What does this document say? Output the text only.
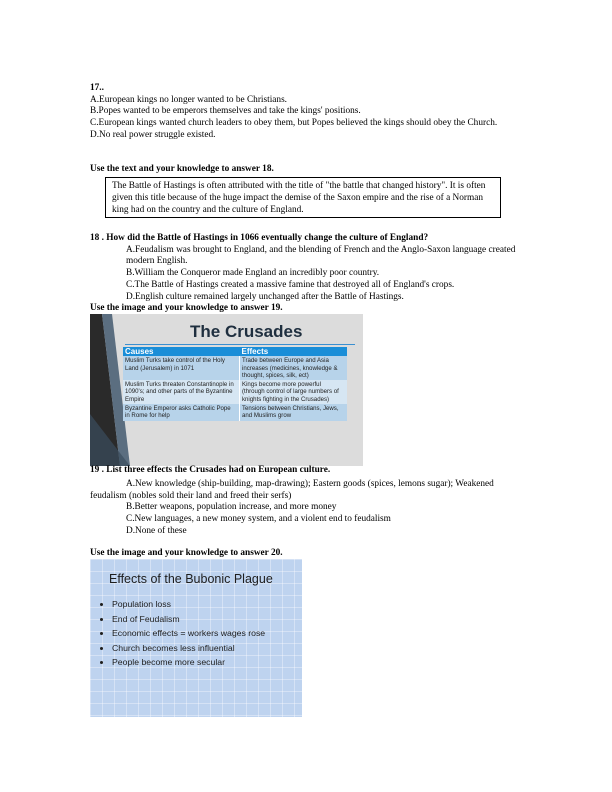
17..
A.European kings no longer wanted to be Christians.
B.Popes wanted to be emperors themselves and take the kings' positions.
C.European kings wanted church leaders to obey them, but Popes believed the kings should obey the Church.
D.No real power struggle existed.
Use the text and your knowledge to answer 18.
The Battle of Hastings is often attributed with the title of "the battle that changed history". It is often given this title because of the huge impact the demise of the Saxon empire and the rise of a Norman king had on the country and the culture of England.
18 . How did the Battle of Hastings in 1066 eventually change the culture of England?
A.Feudalism was brought to England, and the blending of French and the Anglo-Saxon language created modern English.
B.William the Conqueror made England an incredibly poor country.
C.The Battle of Hastings created a massive famine that destroyed all of England's crops.
D.English culture remained largely unchanged after the Battle of Hastings.
Use the image and your knowledge to answer 19.
The Crusades
Causes	Effects
Muslim Turks take control of the Holy Land (Jerusalem) in 1071	Trade between Europe and Asia increases (medicines, knowledge & thought, spices, silk, ect)
Muslim Turks threaten Constantinople in 1090's; and other parts of the Byzantine Empire	Kings become more powerful (through control of large numbers of knights fighting in the Crusades)
Byzantine Emperor asks Catholic Pope in Rome for help	Tensions between Christians, Jews, and Muslims grow
19 . List three effects the Crusades had on European culture.
A.New knowledge (ship-building, map-drawing); Eastern goods (spices, lemons sugar); Weakened feudalism (nobles sold their land and freed their serfs)
B.Better weapons, population increase, and more money
C.New languages, a new money system, and a violent end to feudalism
D.None of these
Use the image and your knowledge to answer 20.
Effects of the Bubonic Plague
• Population loss
• End of Feudalism
• Economic effects = workers wages rose
• Church becomes less influential
• People become more secular
